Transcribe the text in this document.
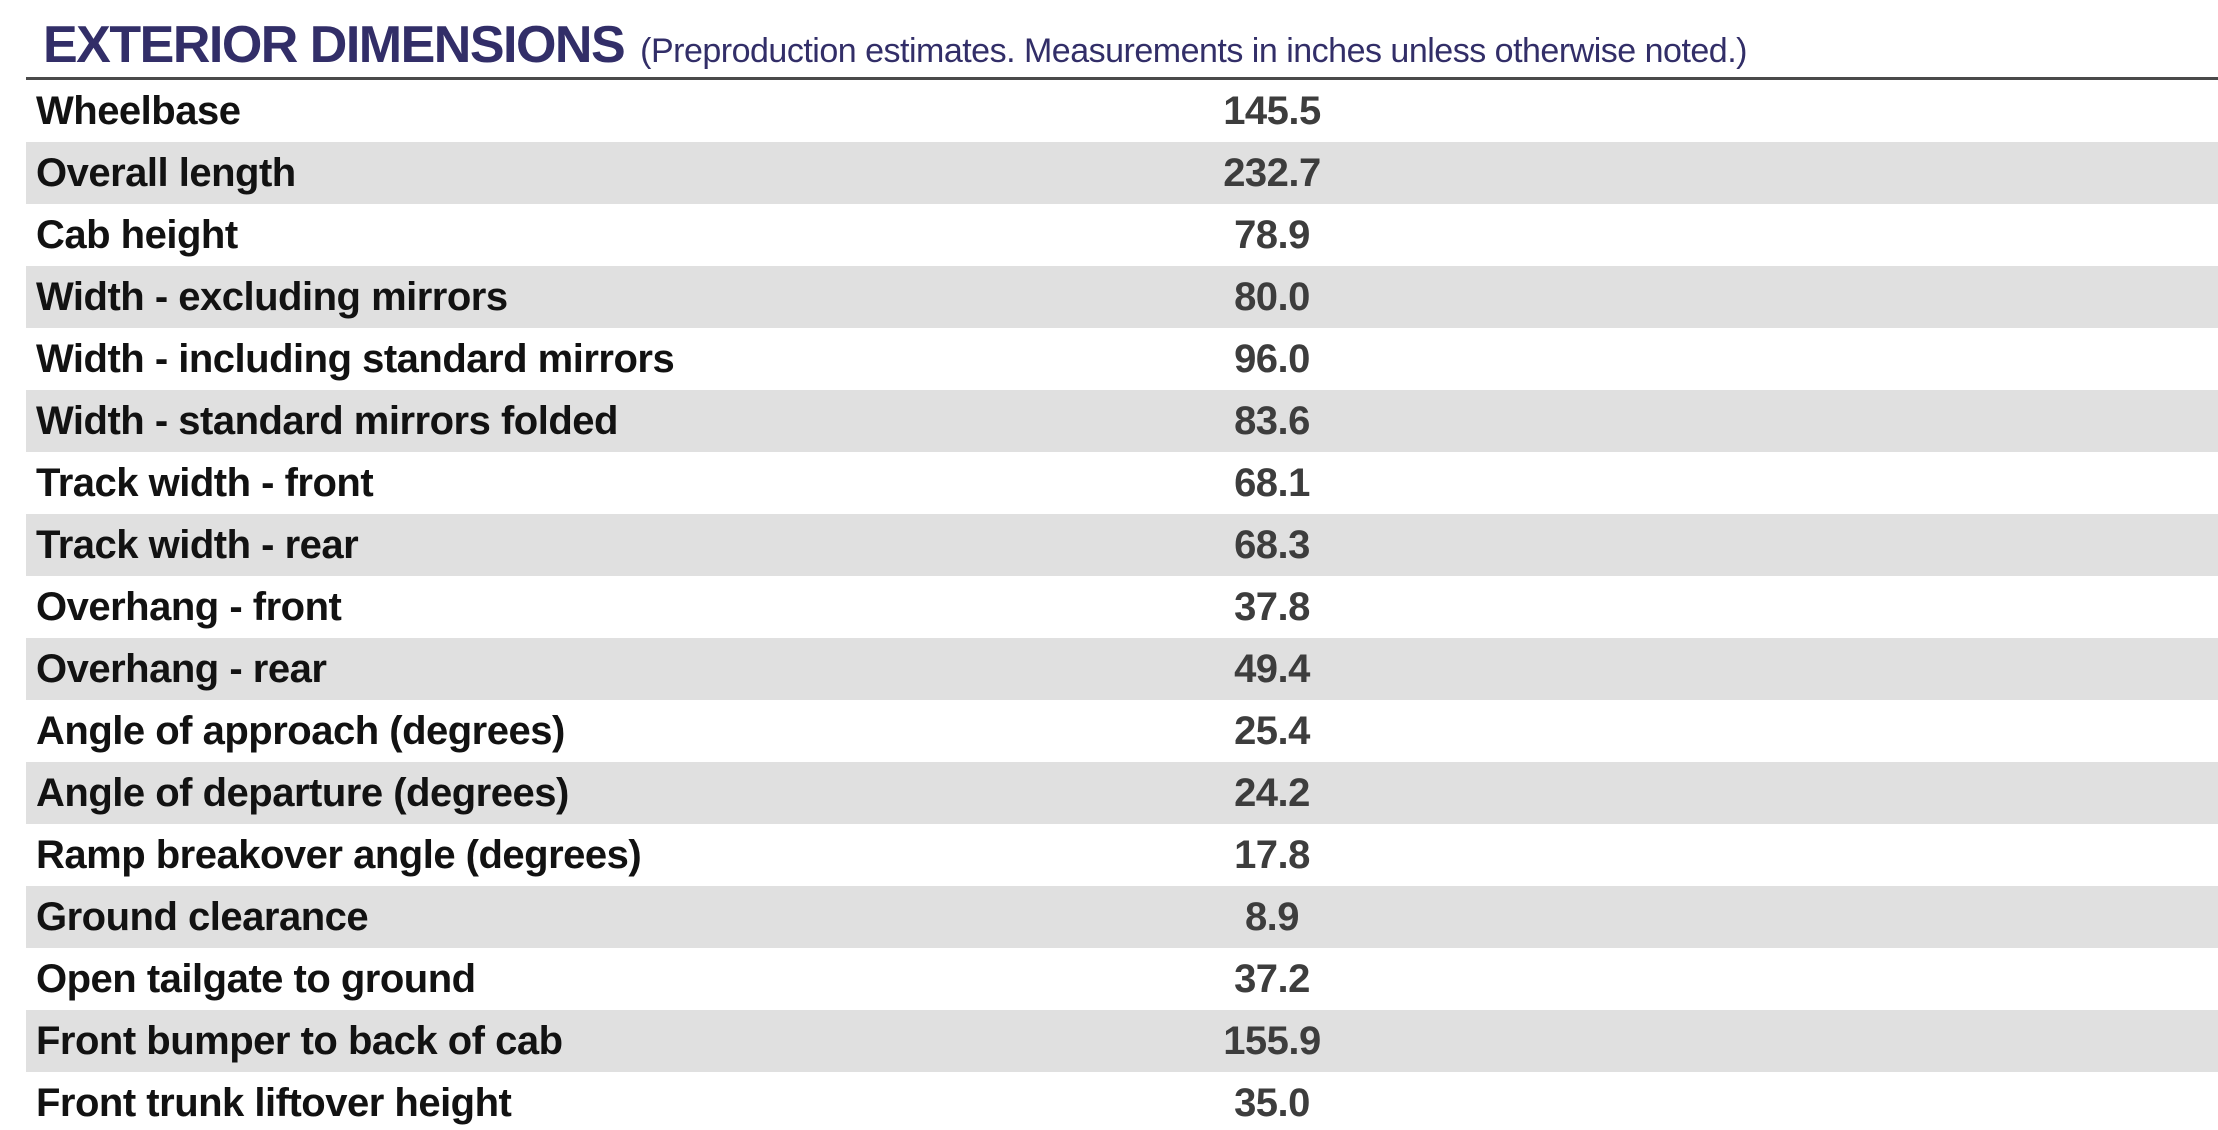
EXTERIOR DIMENSIONS (Preproduction estimates. Measurements in inches unless otherwise noted.)
Wheelbase	145.5
Overall length	232.7
Cab height	78.9
Width - excluding mirrors	80.0
Width - including standard mirrors	96.0
Width - standard mirrors folded	83.6
Track width - front	68.1
Track width - rear	68.3
Overhang - front	37.8
Overhang - rear	49.4
Angle of approach (degrees)	25.4
Angle of departure (degrees)	24.2
Ramp breakover angle (degrees)	17.8
Ground clearance	8.9
Open tailgate to ground	37.2
Front bumper to back of cab	155.9
Front trunk liftover height	35.0
